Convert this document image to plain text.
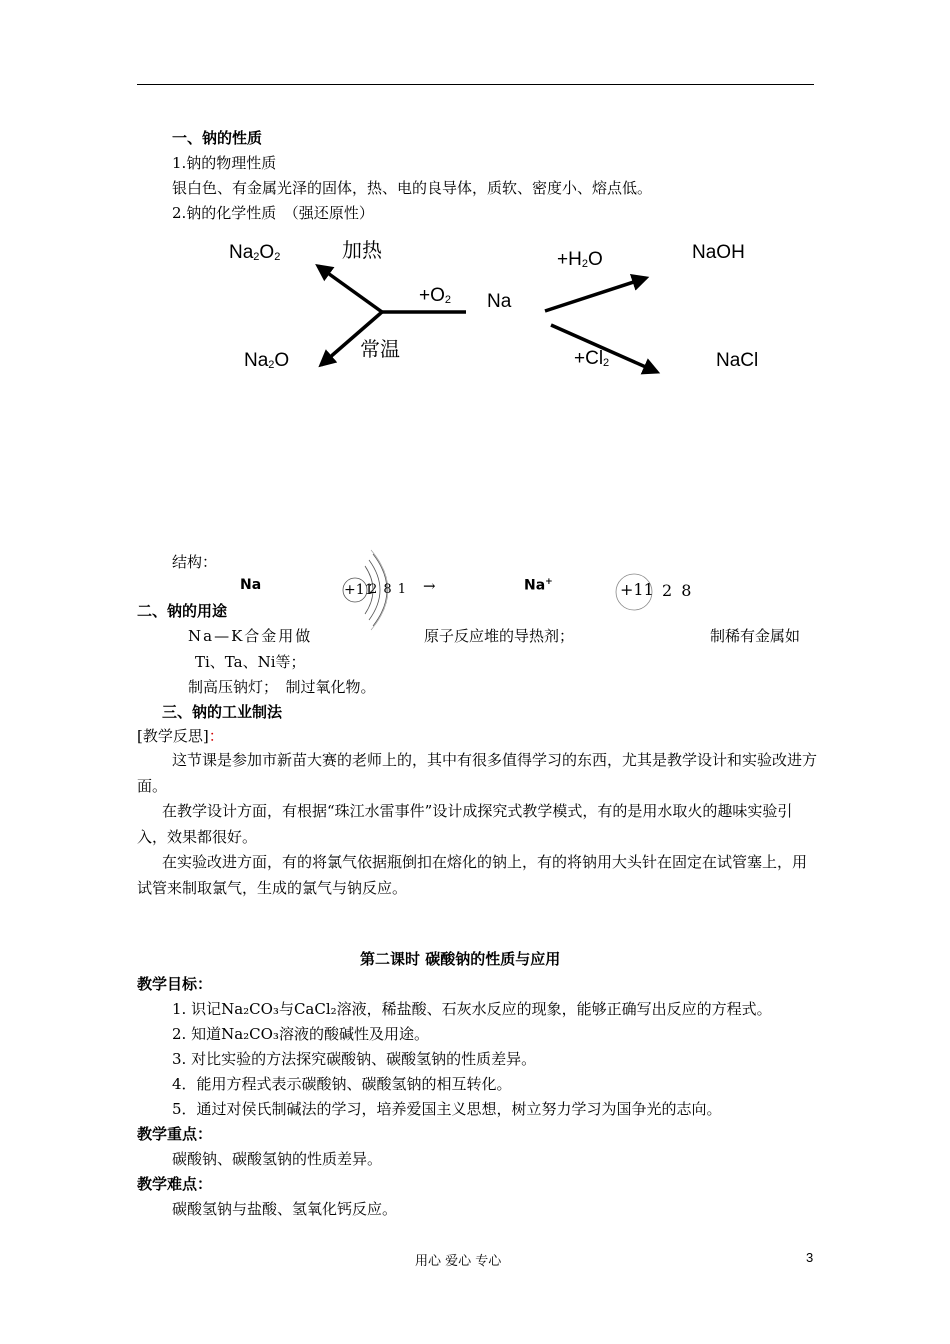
一、钠的性质
1.钠的物理性质
银白色、有金属光泽的固体，热、电的良导体，质软、密度小、熔点低。
2.钠的化学性质　（强还原性）
$Na_2O_2$	加热
$+O_2$ Na
$+H_2O$	NaOH
$Na_2O$	常温	$+Cl_2$	NaCl
结构：
Na	+11
2 8 1 →	Na+	+11 2 8
二、钠的用途
Na—K合金用做	原子反应堆的导热剂；	制稀有金属如
Ti、Ta、Ni等；
制高压钠灯；　制过氧化物。
三、钠的工业制法
[教学反思]：
这节课是参加市新苗大赛的老师上的，其中有很多值得学习的东西，尤其是教学设计和实验改进方面。
在教学设计方面，有根据“珠江水雷事件”设计成探究式教学模式，有的是用水取火的趣味实验引入，效果都很好。
在实验改进方面，有的将氯气依据瓶倒扣在熔化的钠上，有的将钠用大头针在固定在试管塞上，用试管来制取氯气，生成的氯气与钠反应。
第二课时 碳酸钠的性质与应用
教学目标：
1. 识记Na₂CO₃与CaCl₂溶液，稀盐酸、石灰水反应的现象，能够正确写出反应的方程式。
2. 知道Na₂CO₃溶液的酸碱性及用途。
3. 对比实验的方法探究碳酸钠、碳酸氢钠的性质差异。
4．能用方程式表示碳酸钠、碳酸氢钠的相互转化。
5．通过对侯氏制碱法的学习，培养爱国主义思想，树立努力学习为国争光的志向。
教学重点：
碳酸钠、碳酸氢钠的性质差异。
教学难点：
碳酸氢钠与盐酸、氢氧化钙反应。
用心 爱心 专心	3
